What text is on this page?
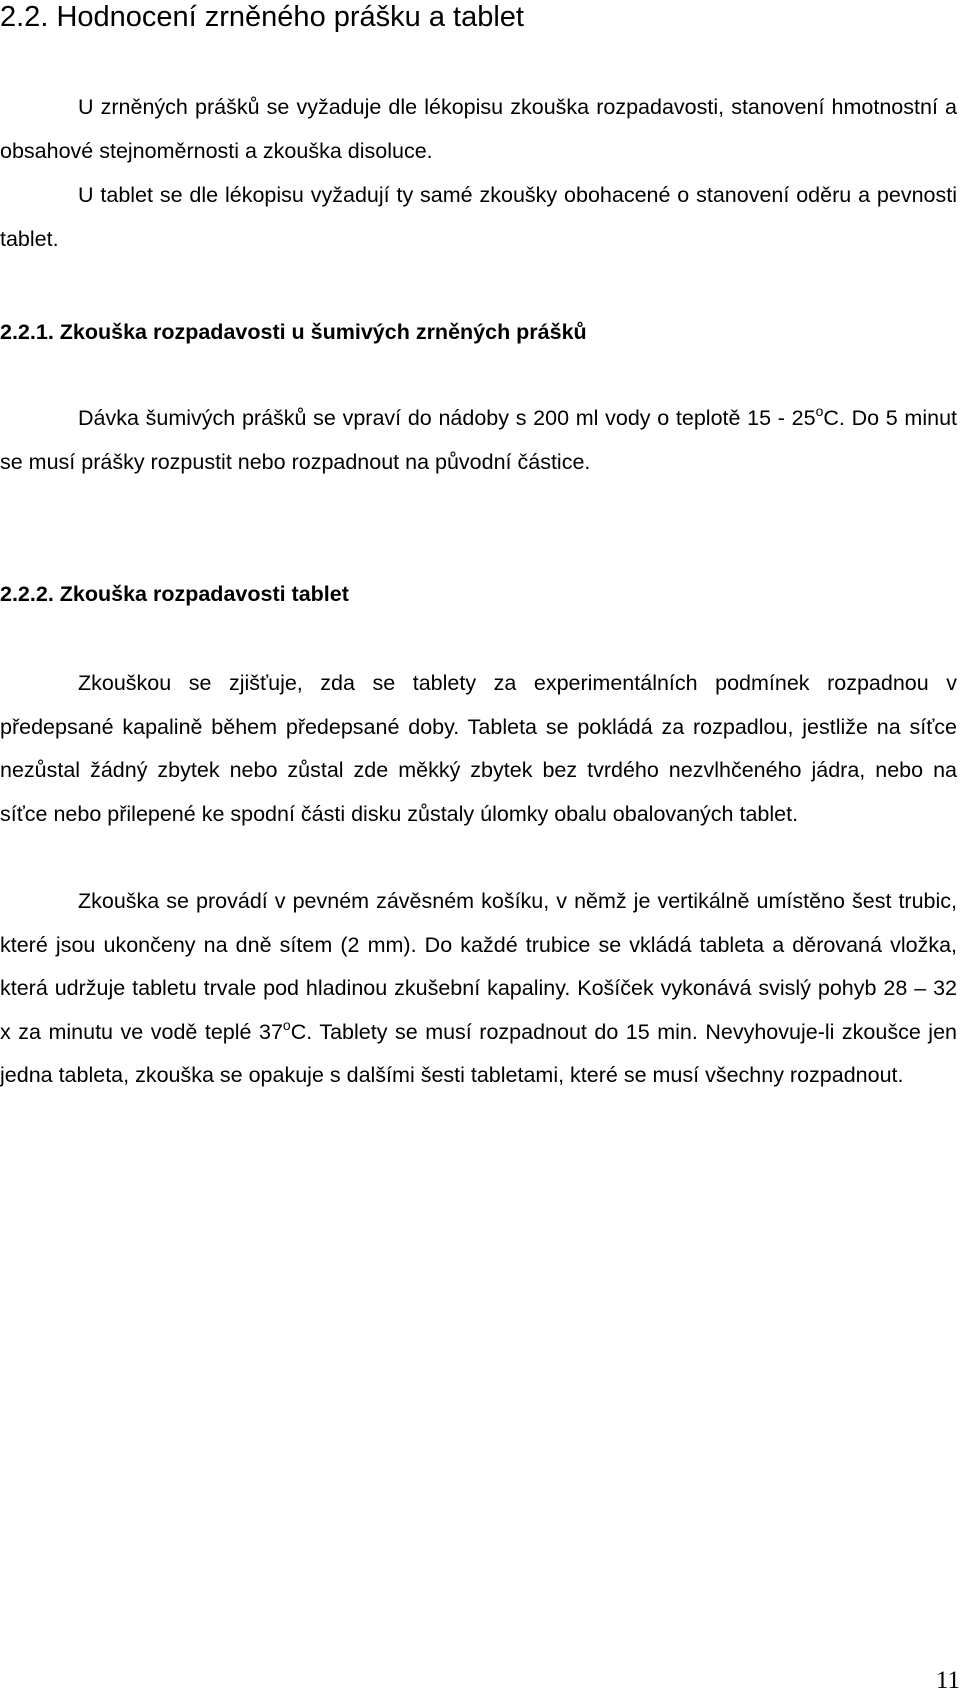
2.2. Hodnocení zrněného prášku a tablet

U zrněných prášků se vyžaduje dle lékopisu zkouška rozpadavosti, stanovení hmotnostní a obsahové stejnoměrnosti a zkouška disoluce.

U tablet se dle lékopisu vyžadují ty samé zkoušky obohacené o stanovení oděru a pevnosti tablet.

2.2.1. Zkouška rozpadavosti u šumivých zrněných prášků

Dávka šumivých prášků se vpraví do nádoby s 200 ml vody o teplotě 15 - 25$^o$C. Do 5 minut se musí prášky rozpustit nebo rozpadnout na původní částice.

2.2.2. Zkouška rozpadavosti tablet

Zkouškou se zjišťuje, zda se tablety za experimentálních podmínek rozpadnou v předepsané kapalině během předepsané doby. Tableta se pokládá za rozpadlou, jestliže na síťce nezůstal žádný zbytek nebo zůstal zde měkký zbytek bez tvrdého nezvlhčeného jádra, nebo na síťce nebo přilepené ke spodní části disku zůstaly úlomky obalu obalovaných tablet.

Zkouška se provádí v pevném závěsném košíku, v němž je vertikálně umístěno šest trubic, které jsou ukončeny na dně sítem (2 mm). Do každé trubice se vkládá tableta a děrovaná vložka, která udržuje tabletu trvale pod hladinou zkušební kapaliny. Košíček vykonává svislý pohyb 28 – 32 x za minutu ve vodě teplé 37$^o$C. Tablety se musí rozpadnout do 15 min. Nevyhovuje-li zkoušce jen jedna tableta, zkouška se opakuje s dalšími šesti tabletami, které se musí všechny rozpadnout.

11
